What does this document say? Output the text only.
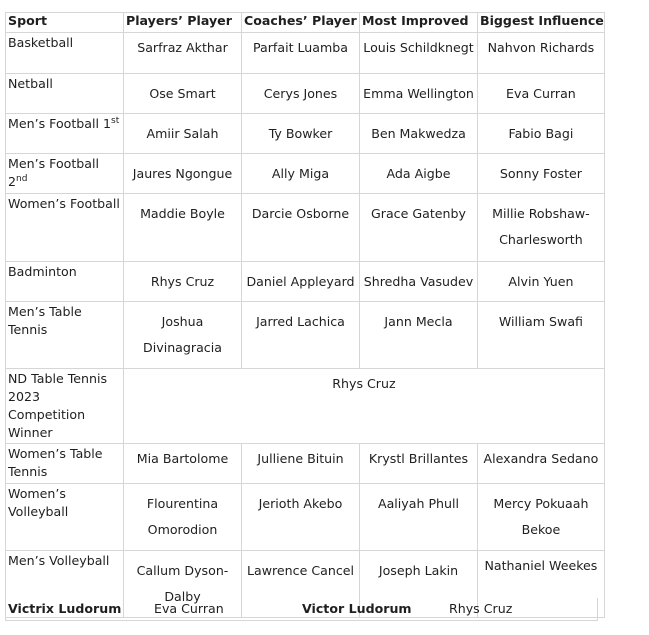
Sport	Players’ Player	Coaches’ Player	Most Improved	Biggest Influence
Basketball	Sarfraz Akthar	Parfait Luamba	Louis Schildknegt	Nahvon Richards
Netball	Ose Smart	Cerys Jones	Emma Wellington	Eva Curran
Men’s Football 1st	Amiir Salah	Ty Bowker	Ben Makwedza	Fabio Bagi
Men’s Football 2nd	Jaures Ngongue	Ally Miga	Ada Aigbe	Sonny Foster
Women’s Football	Maddie Boyle	Darcie Osborne	Grace Gatenby	Millie Robshaw-Charlesworth
Badminton	Rhys Cruz	Daniel Appleyard	Shredha Vasudev	Alvin Yuen
Men’s Table Tennis	Joshua Divinagracia	Jarred Lachica	Jann Mecla	William Swafi
ND Table Tennis 2023 Competition Winner	Rhys Cruz			
Women’s Table Tennis	Mia Bartolome	Julliene Bituin	Krystl Brillantes	Alexandra Sedano
Women’s Volleyball	Flourentina Omorodion	Jerioth Akebo	Aaliyah Phull	Mercy Pokuaah Bekoe
Men’s Volleyball	Callum Dyson-Dalby	Lawrence Cancel	Joseph Lakin	Nathaniel Weekes
Victrix Ludorum	Eva Curran	Victor Ludorum	Rhys Cruz
